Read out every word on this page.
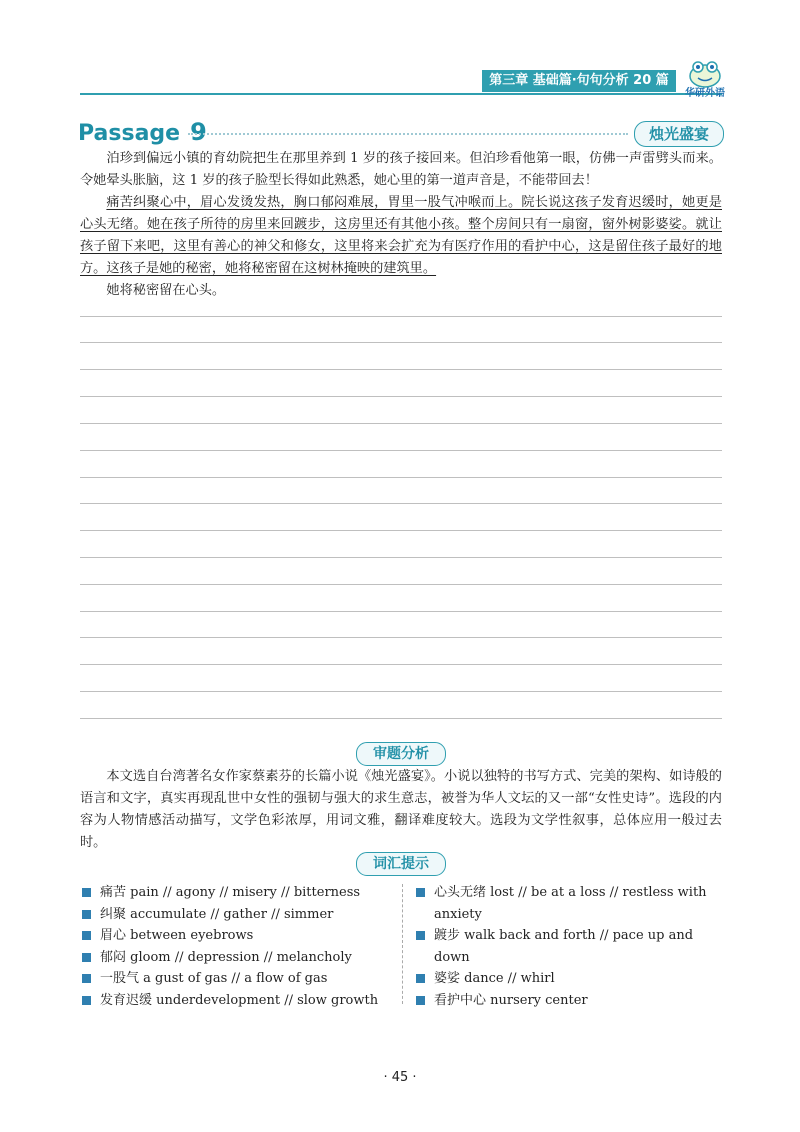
第三章 基础篇·句句分析 20 篇
华研外语
Passage 9	烛光盛宴

泊珍到偏远小镇的育幼院把生在那里养到 1 岁的孩子接回来。但泊珍看他第一眼，仿佛一声雷劈头而来。令她晕头胀脑，这 1 岁的孩子脸型长得如此熟悉，她心里的第一道声音是，不能带回去！

痛苦纠聚心中，眉心发烫发热，胸口郁闷难展，胃里一股气冲喉而上。院长说这孩子发育迟缓时，她更是心头无绪。她在孩子所待的房里来回踱步，这房里还有其他小孩。整个房间只有一扇窗，窗外树影婆娑。就让孩子留下来吧，这里有善心的神父和修女，这里将来会扩充为有医疗作用的看护中心，这是留住孩子最好的地方。这孩子是她的秘密，她将秘密留在这树林掩映的建筑里。

她将秘密留在心头。

审题分析

本文选自台湾著名女作家蔡素芬的长篇小说《烛光盛宴》。小说以独特的书写方式、完美的架构、如诗般的语言和文字，真实再现乱世中女性的强韧与强大的求生意志，被誉为华人文坛的又一部“女性史诗”。选段的内容为人物情感活动描写，文学色彩浓厚，用词文雅，翻译难度较大。选段为文学性叙事，总体应用一般过去时。

词汇提示
痛苦 pain // agony // misery // bitterness
纠聚 accumulate // gather // simmer
眉心 between eyebrows
郁闷 gloom // depression // melancholy
一股气 a gust of gas // a flow of gas
发育迟缓 underdevelopment // slow growth
心头无绪 lost // be at a loss // restless with anxiety
踱步 walk back and forth // pace up and down
婆娑 dance // whirl
看护中心 nursery center
· 45 ·
